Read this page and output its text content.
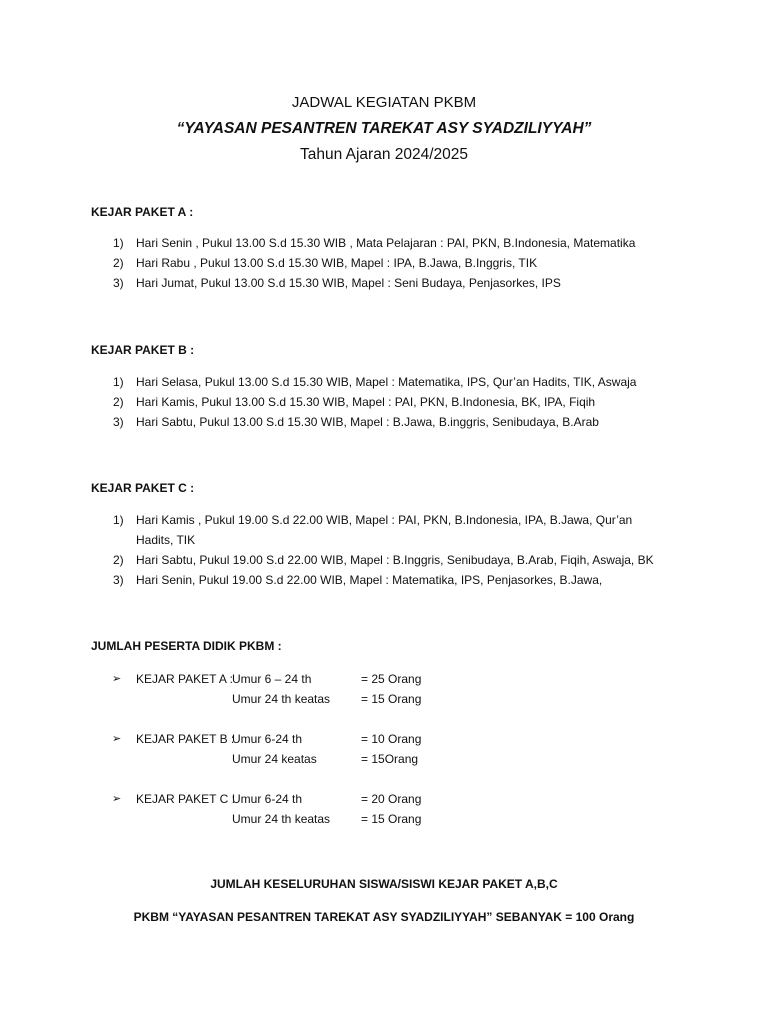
JADWAL KEGIATAN PKBM
“YAYASAN PESANTREN TAREKAT ASY SYADZILIYYAH”
Tahun Ajaran 2024/2025
KEJAR PAKET A :
1) Hari Senin , Pukul 13.00 S.d 15.30 WIB , Mata Pelajaran : PAI, PKN, B.Indonesia, Matematika
2) Hari Rabu , Pukul 13.00 S.d 15.30 WIB, Mapel : IPA, B.Jawa, B.Inggris, TIK
3) Hari Jumat, Pukul 13.00 S.d 15.30 WIB, Mapel : Seni Budaya, Penjasorkes, IPS
KEJAR PAKET B :
1) Hari Selasa, Pukul 13.00 S.d 15.30 WIB, Mapel : Matematika, IPS, Qur’an Hadits, TIK, Aswaja
2) Hari Kamis, Pukul 13.00 S.d 15.30 WIB, Mapel : PAI, PKN, B.Indonesia, BK, IPA, Fiqih
3) Hari Sabtu, Pukul 13.00 S.d 15.30 WIB, Mapel : B.Jawa, B.inggris, Senibudaya, B.Arab
KEJAR PAKET C :
1) Hari Kamis , Pukul 19.00 S.d 22.00 WIB, Mapel : PAI, PKN, B.Indonesia, IPA, B.Jawa, Qur’an
Hadits, TIK
2) Hari Sabtu, Pukul 19.00 S.d 22.00 WIB, Mapel : B.Inggris, Senibudaya, B.Arab, Fiqih, Aswaja, BK
3) Hari Senin, Pukul 19.00 S.d 22.00 WIB, Mapel : Matematika, IPS, Penjasorkes, B.Jawa,
JUMLAH PESERTA DIDIK PKBM :
➢ KEJAR PAKET A : Umur 6 – 24 th	= 25 Orang
Umur 24 th keatas	= 15 Orang
➢ KEJAR PAKET B :
Umur 6-24 th	= 10 Orang
Umur 24 keatas	= 15Orang
➢ KEJAR PAKET C :
Umur 6-24 th	= 20 Orang
Umur 24 th keatas	= 15 Orang
JUMLAH KESELURUHAN SISWA/SISWI KEJAR PAKET A,B,C
PKBM “YAYASAN PESANTREN TAREKAT ASY SYADZILIYYAH” SEBANYAK = 100 Orang
